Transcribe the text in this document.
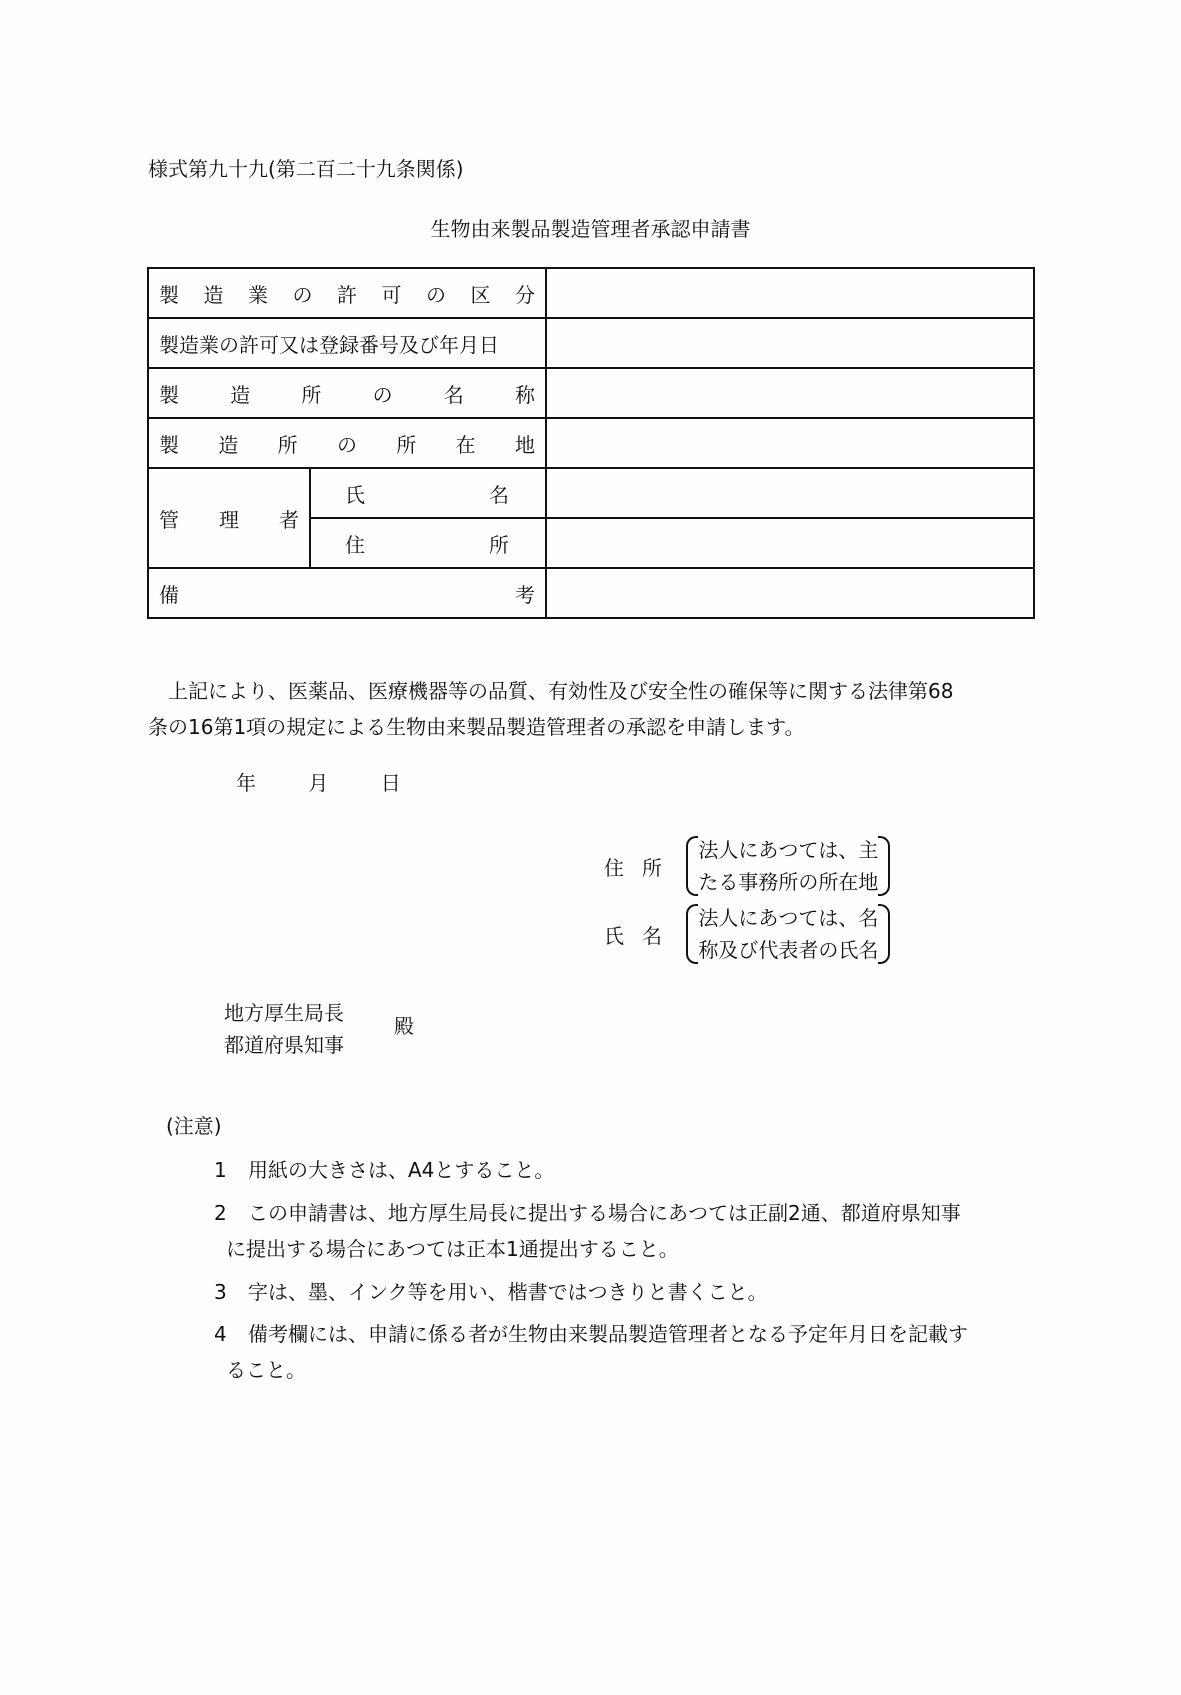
様式第九十九(第二百二十九条関係)
生物由来製品製造管理者承認申請書
製 造 業 の 許 可 の 区 分

製造業の許可又は登録番号及び年月日		

製	造	所	の	名	称

製 造 所 の 所 在 地

管 理 者	氏 名	

	住 所	

備 考		

　上記により、医薬品、医療機器等の品質、有効性及び安全性の確保等に関する法律第68
条の16第1項の規定による生物由来製品製造管理者の承認を申請します。
年	月	日
住 所
法人にあつては、主
たる事務所の所在地
氏 名
法人にあつては、名
称及び代表者の氏名
地方厚生局長
都道府県知事
殿
(注意)
1 用紙の大きさは、A4とすること。
2 この申請書は、地方厚生局長に提出する場合にあつては正副2通、都道府県知事
に提出する場合にあつては正本1通提出すること。
3 字は、墨、インク等を用い、楷書ではつきりと書くこと。
4 備考欄には、申請に係る者が生物由来製品製造管理者となる予定年月日を記載す
ること。
